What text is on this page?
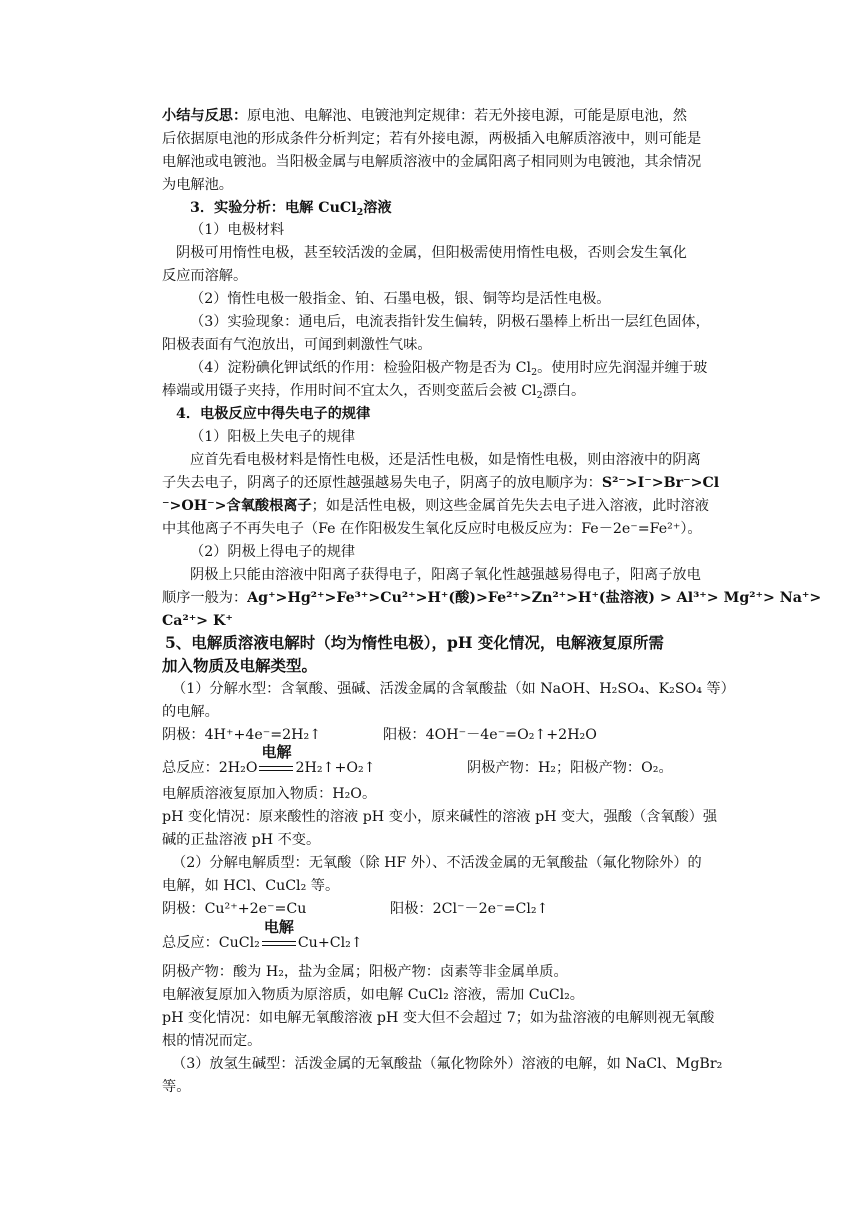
小结与反思：原电池、电解池、电镀池判定规律：若无外接电源，可能是原电池，然
后依据原电池的形成条件分析判定；若有外接电源，两极插入电解质溶液中，则可能是
电解池或电镀池。当阳极金属与电解质溶液中的金属阳离子相同则为电镀池，其余情况
为电解池。
3．实验分析：电解 CuCl$_2$溶液
（1）电极材料
阴极可用惰性电极，甚至较活泼的金属，但阳极需使用惰性电极，否则会发生氧化
反应而溶解。
（2）惰性电极一般指金、铂、石墨电极，银、铜等均是活性电极。
（3）实验现象：通电后，电流表指针发生偏转，阴极石墨棒上析出一层红色固体，
阳极表面有气泡放出，可闻到刺激性气味。
（4）淀粉碘化钾试纸的作用：检验阳极产物是否为 $Cl_2$。使用时应先润湿并缠于玻
棒端或用镊子夹持，作用时间不宜太久，否则变蓝后会被 $Cl_2$漂白。
4．电极反应中得失电子的规律
（1）阳极上失电子的规律
应首先看电极材料是惰性电极，还是活性电极，如是惰性电极，则由溶液中的阴离
子失去电子，阴离子的还原性越强越易失电子，阴离子的放电顺序为：S²⁻>I⁻>Br⁻>Cl
⁻>OH⁻>含氧酸根离子；如是活性电极，则这些金属首先失去电子进入溶液，此时溶液
中其他离子不再失电子（Fe 在作阳极发生氧化反应时电极反应为：Fe－2e⁻=Fe²⁺）。
（2）阴极上得电子的规律
阴极上只能由溶液中阳离子获得电子，阳离子氧化性越强越易得电子，阳离子放电
顺序一般为：Ag⁺>Hg²⁺>Fe³⁺>Cu²⁺>H⁺(酸)>Fe²⁺>Zn²⁺>H⁺(盐溶液) > Al³⁺> Mg²⁺> Na⁺>
Ca²⁺> K⁺
5、电解质溶液电解时（均为惰性电极），pH 变化情况，电解液复原所需
加入物质及电解类型。
（1）分解水型：含氧酸、强碱、活泼金属的含氧酸盐（如 NaOH、H₂SO₄、K₂SO₄ 等）
的电解。
阴极：4H⁺+4e⁻=2H₂↑	阳极：4OH⁻－4e⁻=O₂↑+2H₂O
总反应：2H₂O
电解
2H₂↑+O₂↑	阴极产物：H₂；阳极产物：O₂。
电解质溶液复原加入物质：H₂O。
pH 变化情况：原来酸性的溶液 pH 变小，原来碱性的溶液 pH 变大，强酸（含氧酸）强
碱的正盐溶液 pH 不变。
（2）分解电解质型：无氧酸（除 HF 外）、不活泼金属的无氧酸盐（氟化物除外）的
电解，如 HCl、CuCl₂ 等。
阴极：Cu²⁺+2e⁻=Cu	阳极：2Cl⁻－2e⁻=Cl₂↑
总反应：CuCl₂
电解
Cu+Cl₂↑
阴极产物：酸为 H₂，盐为金属；阳极产物：卤素等非金属单质。
电解液复原加入物质为原溶质，如电解 CuCl₂ 溶液，需加 CuCl₂。
pH 变化情况：如电解无氧酸溶液 pH 变大但不会超过 7；如为盐溶液的电解则视无氧酸
根的情况而定。
（3）放氢生碱型：活泼金属的无氧酸盐（氟化物除外）溶液的电解，如 NaCl、MgBr₂
等。
